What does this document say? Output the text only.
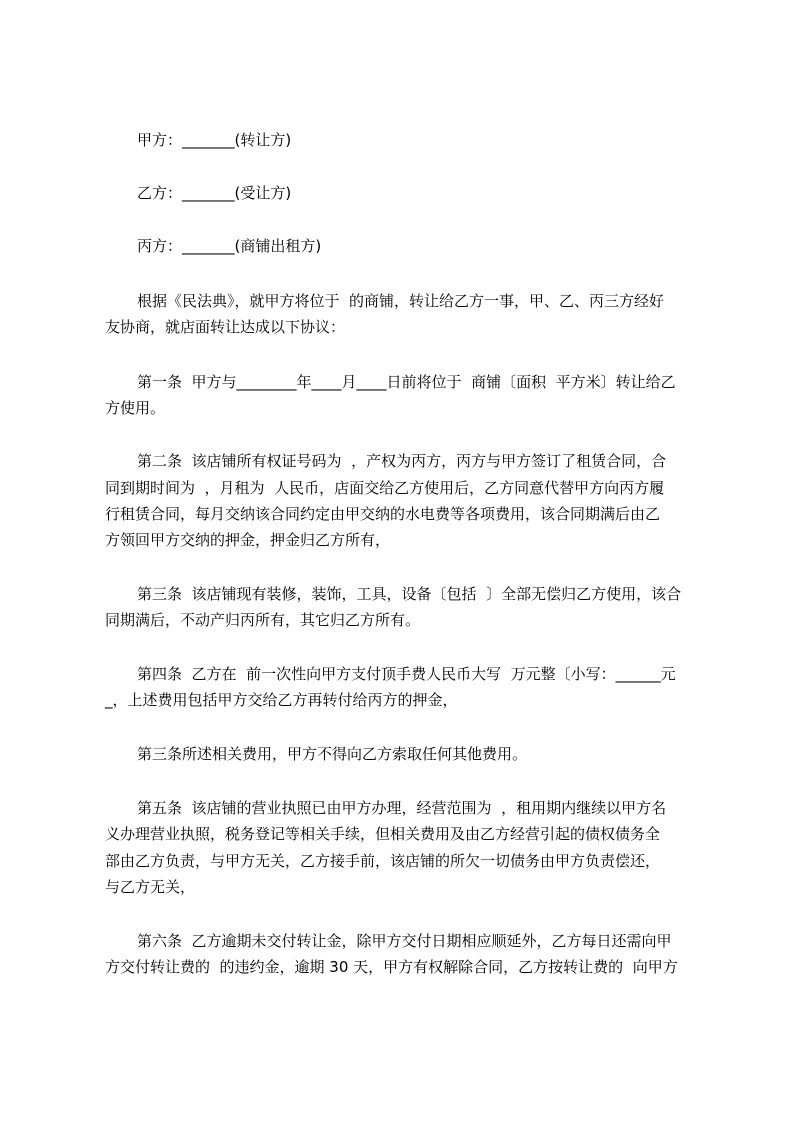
甲方：_______(转让方)
乙方：_______(受让方)
丙方：_______(商铺出租方)
根据《民法典》，就甲方将位于  的商铺，转让给乙方一事，甲、乙、丙三方经好
友协商，就店面转让达成以下协议：
第一条  甲方与________年____月____日前将位于  商铺〔面积  平方米〕转让给乙
方使用。
第二条  该店铺所有权证号码为  ，产权为丙方，丙方与甲方签订了租赁合同，合
同到期时间为  ，月租为  人民币，店面交给乙方使用后，乙方同意代替甲方向丙方履
行租赁合同，每月交纳该合同约定由甲交纳的水电费等各项费用，该合同期满后由乙
方领回甲方交纳的押金，押金归乙方所有，
第三条  该店铺现有装修，装饰，工具，设备〔包括  〕全部无偿归乙方使用，该合
同期满后，不动产归丙所有，其它归乙方所有。
第四条  乙方在  前一次性向甲方支付顶手费人民币大写  万元整〔小写：______元
_，上述费用包括甲方交给乙方再转付给丙方的押金，
第三条所述相关费用，甲方不得向乙方索取任何其他费用。
第五条  该店铺的营业执照已由甲方办理，经营范围为  ，租用期内继续以甲方名
义办理营业执照，税务登记等相关手续，但相关费用及由乙方经营引起的债权债务全
部由乙方负责，与甲方无关，乙方接手前，该店铺的所欠一切债务由甲方负责偿还，
与乙方无关，
第六条  乙方逾期未交付转让金，除甲方交付日期相应顺延外，乙方每日还需向甲
方交付转让费的  的违约金，逾期 30 天，甲方有权解除合同，乙方按转让费的  向甲方
